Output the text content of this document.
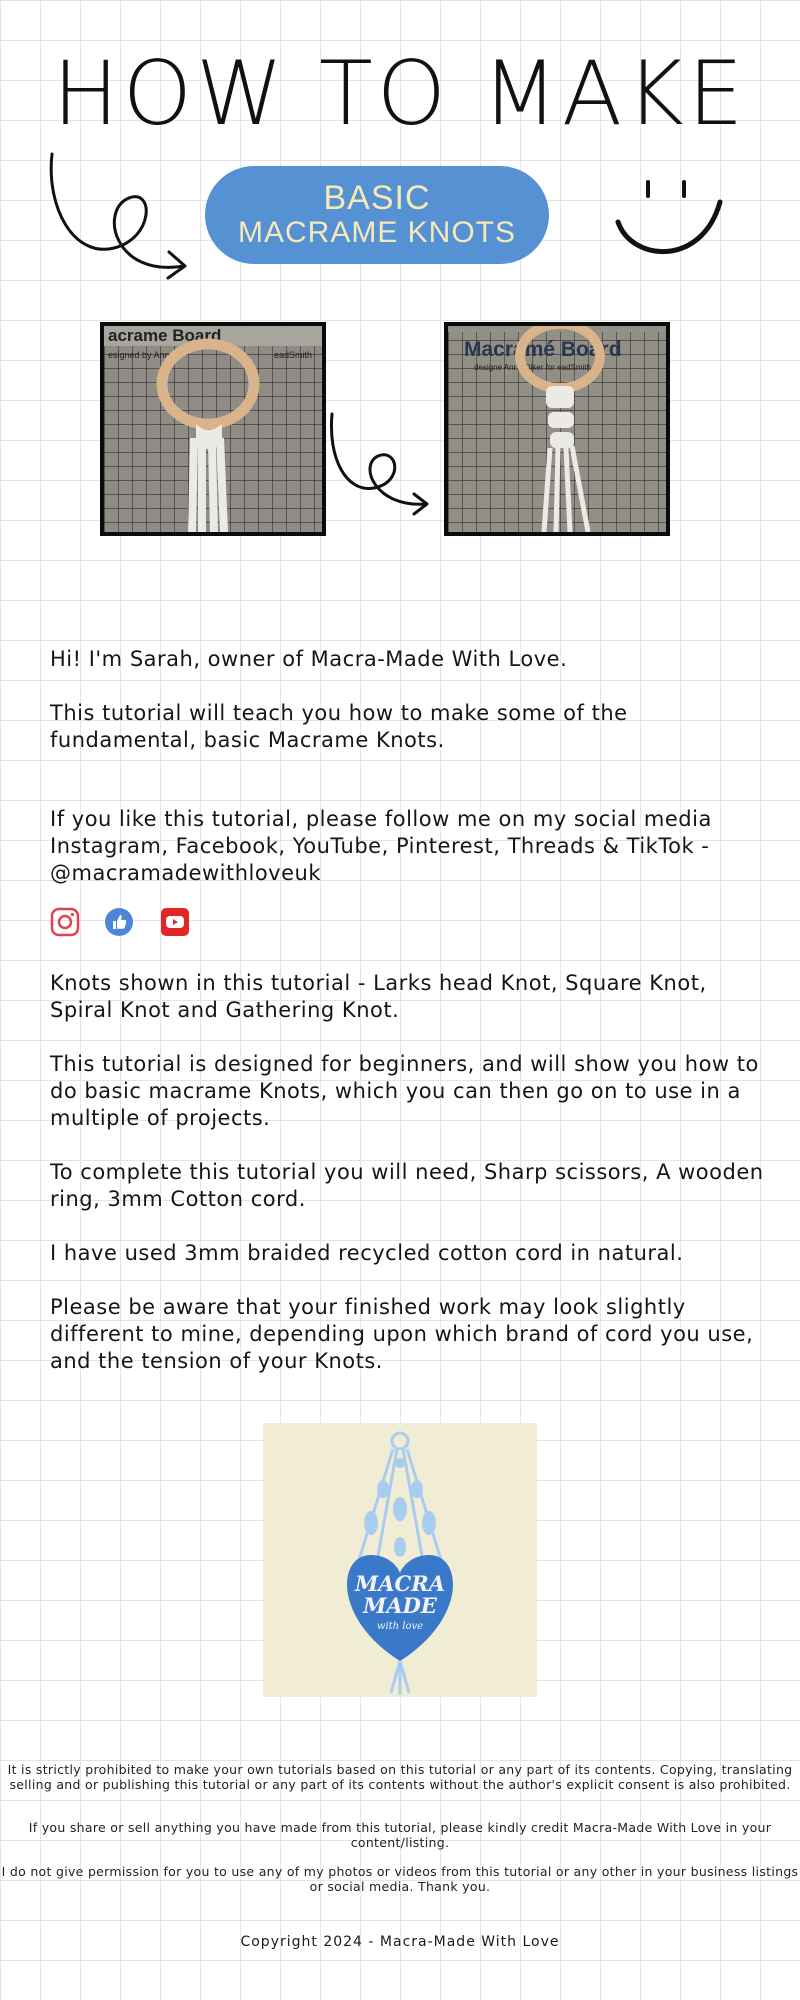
HOW TO MAKE
BASIC
MACRAME KNOTS
acrame Board
esigned by Anne	eadSmith	Macramé Board
designe Anne Diker for eadSmith
Hi! I'm Sarah, owner of Macra-Made With Love.
This tutorial will teach you how to make some of the fundamental, basic Macrame Knots.
If you like this tutorial, please follow me on my social media Instagram, Facebook, YouTube, Pinterest, Threads & TikTok - @macramadewithloveuk
Knots shown in this tutorial - Larks head Knot, Square Knot, Spiral Knot and Gathering Knot.
This tutorial is designed for beginners, and will show you how to do basic macrame Knots, which you can then go on to use in a multiple of projects.
To complete this tutorial you will need, Sharp scissors, A wooden ring, 3mm Cotton cord.
I have used 3mm braided recycled cotton cord in natural.
Please be aware that your finished work may look slightly different to mine, depending upon which brand of cord you use, and the tension of your Knots.
MACRA
MADE
with love
It is strictly prohibited to make your own tutorials based on this tutorial or any part of its contents. Copying, translating selling and or publishing this tutorial or any part of its contents without the author's explicit consent is also prohibited.
If you share or sell anything you have made from this tutorial, please kindly credit Macra-Made With Love in your content/listing.
I do not give permission for you to use any of my photos or videos from this tutorial or any other in your business listings or social media. Thank you.
Copyright 2024 - Macra-Made With Love
